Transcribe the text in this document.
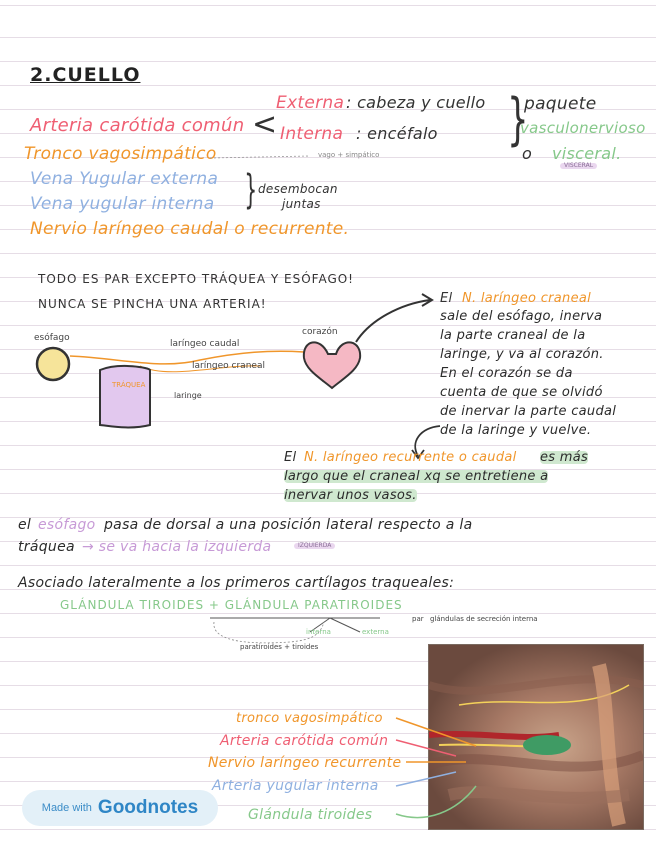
2.CUELLO
Arteria carótida común <
Externa : cabeza y cuello
Interna : encéfalo }
paquete
vasculonervioso
o visceral.
VISCERAL
Tronco vagosimpático	vago + simpático
Vena Yugular externa
Vena yugular interna } desembocan
juntas
Nervio laríngeo caudal o recurrente.
TODO ES PAR EXCEPTO TRÁQUEA Y ESÓFAGO!
NUNCA SE PINCHA UNA ARTERIA!
esófago
corazón
laríngeo caudal
laríngeo craneal
TRÁQUEA
laringe
El N. laríngeo craneal
sale del esófago, inerva
la parte craneal de la
laringe, y va al corazón.
En el corazón se da
cuenta de que se olvidó
de inervar la parte caudal
de la laringe y vuelve.
El N. laríngeo recurrente o caudal es más
largo que el craneal xq se entretiene a
inervar unos vasos.
el esófago pasa de dorsal a una posición lateral respecto a la
tráquea → se va hacia la izquierda	IZQUIERDA
Asociado lateralmente a los primeros cartílagos traqueales:
GLÁNDULA TIROIDES + GLÁNDULA PARATIROIDES
interna	externa
par
paratiroides + tiroides
glándulas de secreción interna
tronco vagosimpático
Arteria carótida común
Nervio laríngeo recurrente
Arteria yugular interna
Glándula tiroides
Made with Goodnotes
